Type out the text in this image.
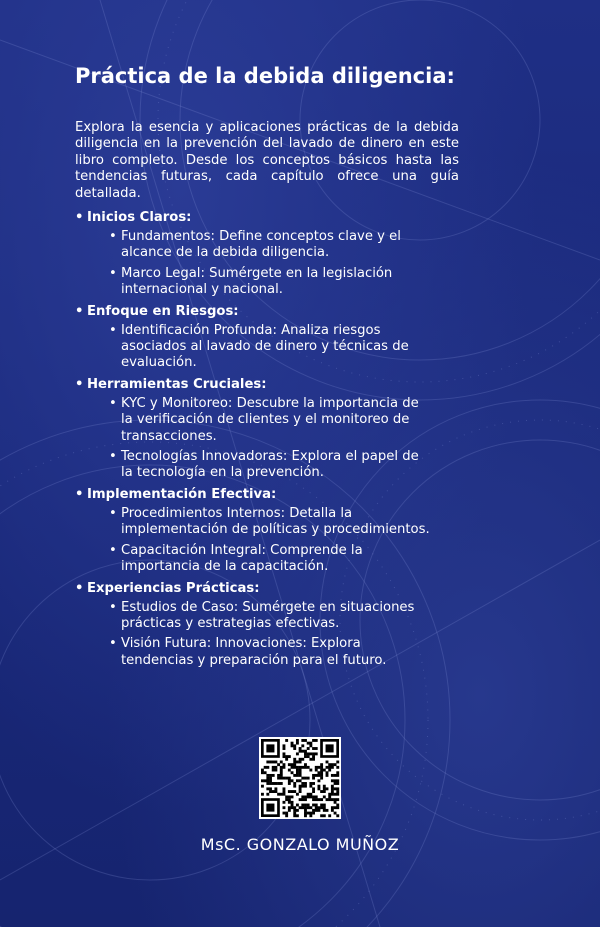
Práctica de la debida diligencia:

Explora la esencia y aplicaciones prácticas de la debida diligencia en la prevención del lavado de dinero en este libro completo. Desde los conceptos básicos hasta las tendencias futuras, cada capítulo ofrece una guía detallada.

• Inicios Claros:
• Fundamentos: Define conceptos clave y el alcance de la debida diligencia.
• Marco Legal: Sumérgete en la legislación internacional y nacional.
• Enfoque en Riesgos:
• Identificación Profunda: Analiza riesgos asociados al lavado de dinero y técnicas de evaluación.
• Herramientas Cruciales:
• KYC y Monitoreo: Descubre la importancia de la verificación de clientes y el monitoreo de transacciones.
• Tecnologías Innovadoras: Explora el papel de la tecnología en la prevención.
• Implementación Efectiva:
• Procedimientos Internos: Detalla la implementación de políticas y procedimientos.
• Capacitación Integral: Comprende la importancia de la capacitación.
• Experiencias Prácticas:
• Estudios de Caso: Sumérgete en situaciones prácticas y estrategias efectivas.
• Visión Futura: Innovaciones: Explora tendencias y preparación para el futuro.
MsC. GONZALO MUÑOZ
